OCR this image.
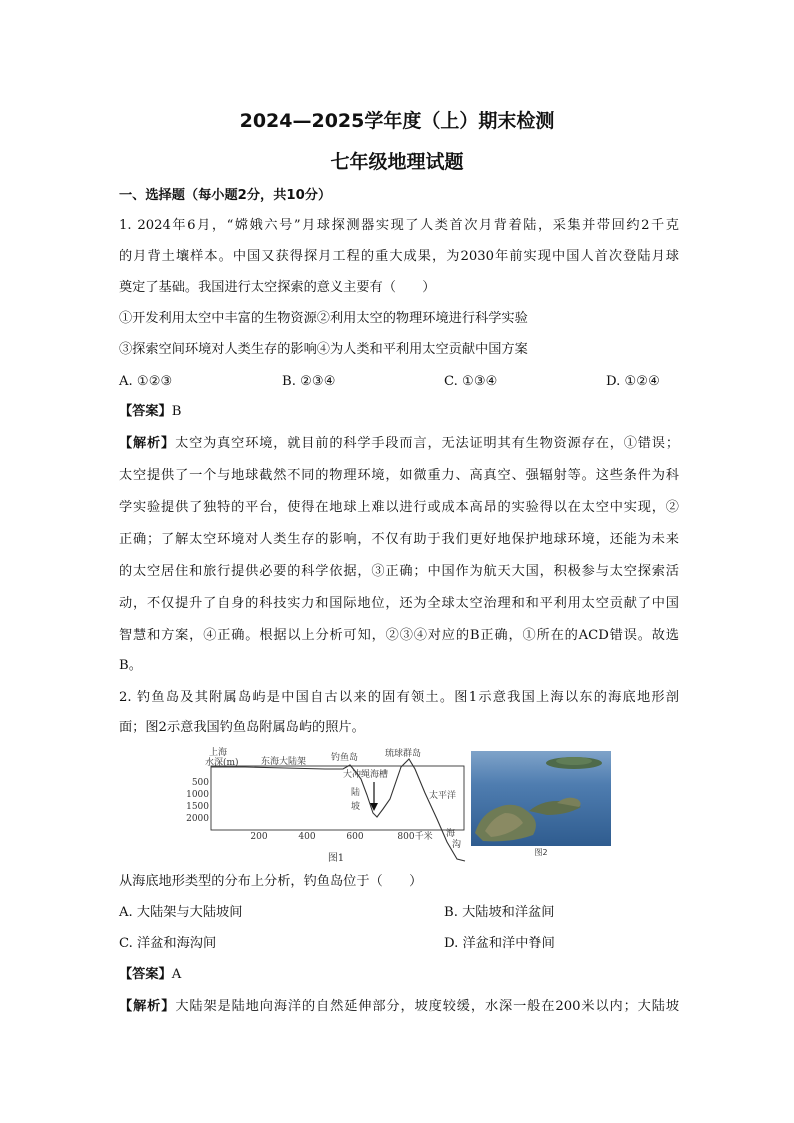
2024—2025学年度（上）期末检测
七年级地理试题
一、选择题（每小题2分，共10分）
1. 2024年6月，“嫦娥六号”月球探测器实现了人类首次月背着陆，采集并带回约2千克
的月背土壤样本。中国又获得探月工程的重大成果，为2030年前实现中国人首次登陆月球
奠定了基础。我国进行太空探索的意义主要有（　　）
①开发利用太空中丰富的生物资源②利用太空的物理环境进行科学实验
③探索空间环境对人类生存的影响④为人类和平利用太空贡献中国方案
A. ①②③	B. ②③④	C. ①③④	D. ①②④
【答案】B
【解析】太空为真空环境，就目前的科学手段而言，无法证明其有生物资源存在，①错误；
太空提供了一个与地球截然不同的物理环境，如微重力、高真空、强辐射等。这些条件为科
学实验提供了独特的平台，使得在地球上难以进行或成本高昂的实验得以在太空中实现，②
正确；了解太空环境对人类生存的影响，不仅有助于我们更好地保护地球环境，还能为未来
的太空居住和旅行提供必要的科学依据，③正确；中国作为航天大国，积极参与太空探索活
动，不仅提升了自身的科技实力和国际地位，还为全球太空治理和和平利用太空贡献了中国
智慧和方案，④正确。根据以上分析可知，②③④对应的B正确，①所在的ACD错误。故选
B。
2. 钓鱼岛及其附属岛屿是中国自古以来的固有领土。图1示意我国上海以东的海底地形剖
面；图2示意我国钓鱼岛附属岛屿的照片。
上海
水深(m) 东海大陆架	钓鱼岛	琉球群岛
大冲绳海槽
陆
坡
太平洋
海
沟
500
1000
1500
2000
200	400	600	800千米
图1
图2
从海底地形类型的分布上分析，钓鱼岛位于（　　）
A. 大陆架与大陆坡间	B. 大陆坡和洋盆间
C. 洋盆和海沟间	D. 洋盆和洋中脊间
【答案】A
【解析】大陆架是陆地向海洋的自然延伸部分，坡度较缓，水深一般在200米以内；大陆坡
